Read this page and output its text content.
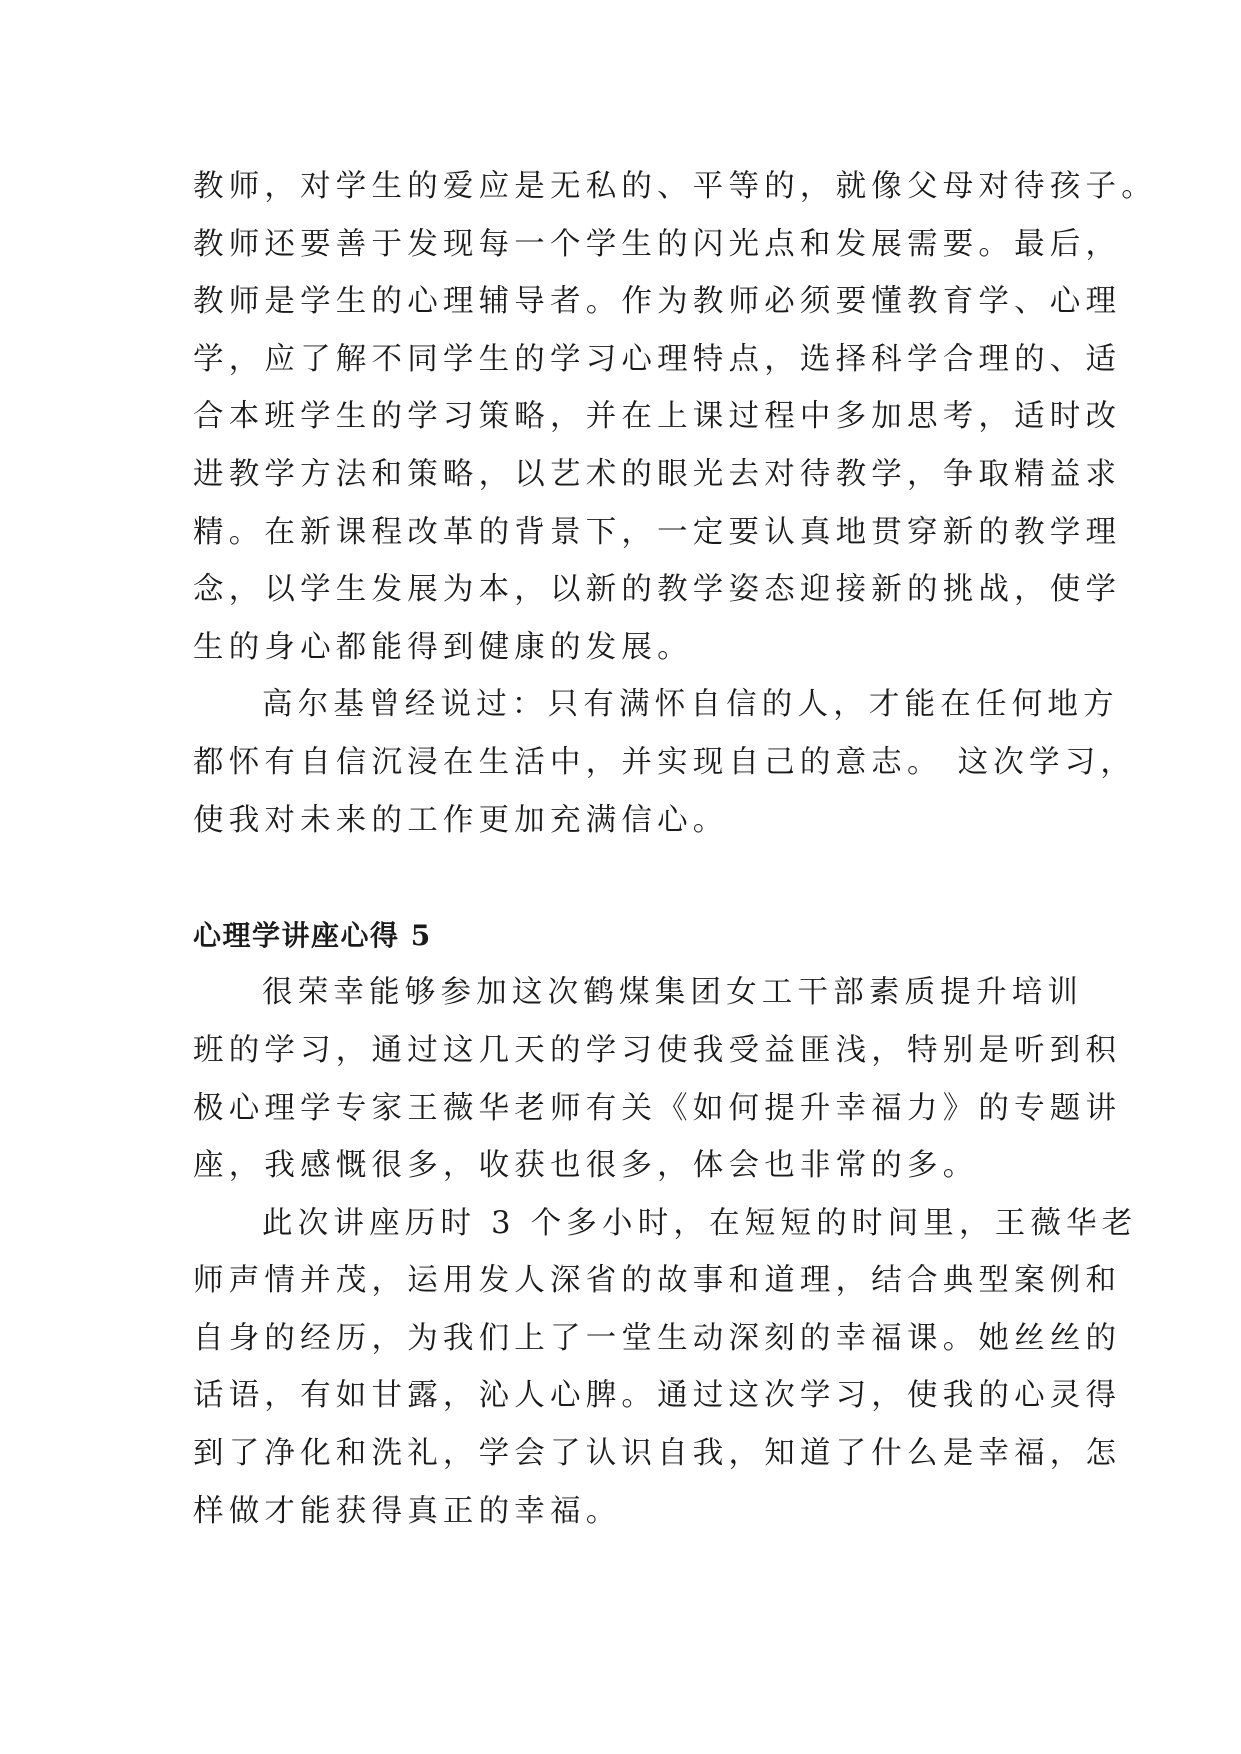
教师，对学生的爱应是无私的、平等的，就像父母对待孩子。
教师还要善于发现每一个学生的闪光点和发展需要。最后，
教师是学生的心理辅导者。作为教师必须要懂教育学、心理
学，应了解不同学生的学习心理特点，选择科学合理的、适
合本班学生的学习策略，并在上课过程中多加思考，适时改
进教学方法和策略，以艺术的眼光去对待教学，争取精益求
精。在新课程改革的背景下，一定要认真地贯穿新的教学理
念，以学生发展为本，以新的教学姿态迎接新的挑战，使学
生的身心都能得到健康的发展。

高尔基曾经说过：只有满怀自信的人，才能在任何地方
都怀有自信沉浸在生活中，并实现自己的意志。 这次学习，
使我对未来的工作更加充满信心。

心理学讲座心得 5

很荣幸能够参加这次鹤煤集团女工干部素质提升培训
班的学习，通过这几天的学习使我受益匪浅，特别是听到积
极心理学专家王薇华老师有关《如何提升幸福力》的专题讲
座，我感慨很多，收获也很多，体会也非常的多。

此次讲座历时 3 个多小时，在短短的时间里，王薇华老
师声情并茂，运用发人深省的故事和道理，结合典型案例和
自身的经历，为我们上了一堂生动深刻的幸福课。她丝丝的
话语，有如甘露，沁人心脾。通过这次学习，使我的心灵得
到了净化和洗礼，学会了认识自我，知道了什么是幸福，怎
样做才能获得真正的幸福。
